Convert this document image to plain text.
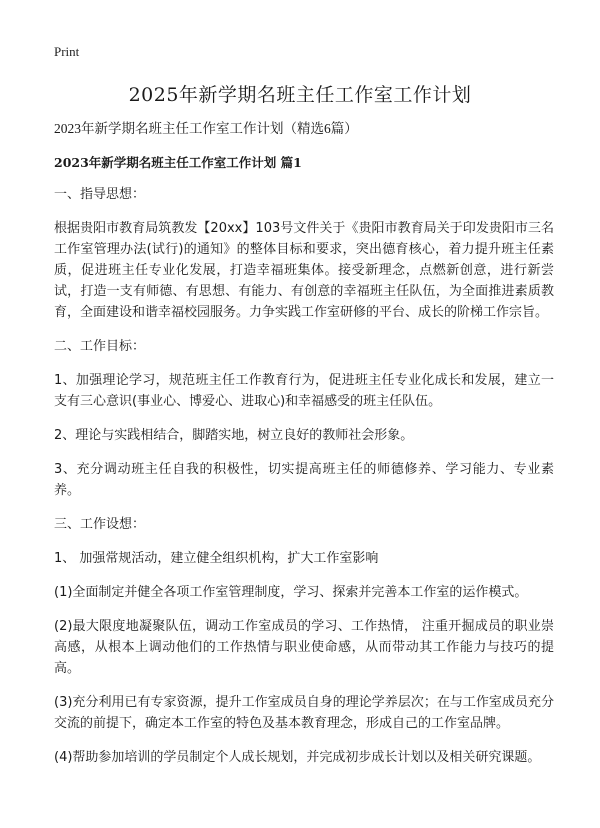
Print
2025年新学期名班主任工作室工作计划

2023年新学期名班主任工作室工作计划（精选6篇）

2023年新学期名班主任工作室工作计划 篇1

一、指导思想：

根据贵阳市教育局筑教发【20xx】103号文件关于《贵阳市教育局关于印发贵阳市三名工作室管理办法(试行)的通知》的整体目标和要求，突出德育核心，着力提升班主任素质，促进班主任专业化发展，打造幸福班集体。接受新理念，点燃新创意，进行新尝试，打造一支有师德、有思想、有能力、有创意的幸福班主任队伍，为全面推进素质教育，全面建设和谐幸福校园服务。力争实践工作室研修的平台、成长的阶梯工作宗旨。

二、工作目标：

1、加强理论学习，规范班主任工作教育行为，促进班主任专业化成长和发展，建立一支有三心意识(事业心、博爱心、进取心)和幸福感受的班主任队伍。

2、理论与实践相结合，脚踏实地，树立良好的教师社会形象。

3、充分调动班主任自我的积极性，切实提高班主任的师德修养、学习能力、专业素养。

三、工作设想：

1、 加强常规活动，建立健全组织机构，扩大工作室影响

(1)全面制定并健全各项工作室管理制度，学习、探索并完善本工作室的运作模式。

(2)最大限度地凝聚队伍，调动工作室成员的学习、工作热情， 注重开掘成员的职业崇高感，从根本上调动他们的工作热情与职业使命感，从而带动其工作能力与技巧的提高。

(3)充分利用已有专家资源，提升工作室成员自身的理论学养层次；在与工作室成员充分交流的前提下，确定本工作室的特色及基本教育理念，形成自己的工作室品牌。

(4)帮助参加培训的学员制定个人成长规划，并完成初步成长计划以及相关研究课题。
